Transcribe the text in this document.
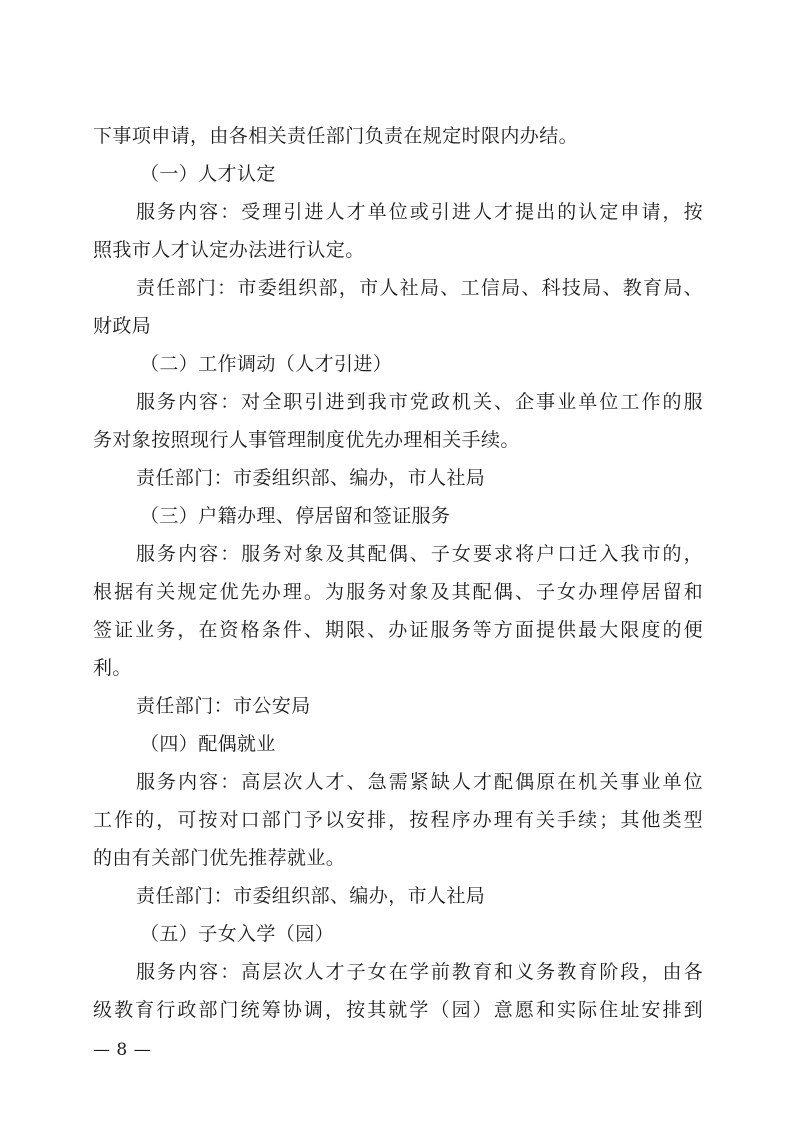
下事项申请，由各相关责任部门负责在规定时限内办结。
（一）人才认定
服务内容：受理引进人才单位或引进人才提出的认定申请，按
照我市人才认定办法进行认定。
责任部门：市委组织部，市人社局、工信局、科技局、教育局、
财政局
（二）工作调动（人才引进）
服务内容：对全职引进到我市党政机关、企事业单位工作的服
务对象按照现行人事管理制度优先办理相关手续。
责任部门：市委组织部、编办，市人社局
（三）户籍办理、停居留和签证服务
服务内容：服务对象及其配偶、子女要求将户口迁入我市的，
根据有关规定优先办理。为服务对象及其配偶、子女办理停居留和
签证业务，在资格条件、期限、办证服务等方面提供最大限度的便
利。
责任部门：市公安局
（四）配偶就业
服务内容：高层次人才、急需紧缺人才配偶原在机关事业单位
工作的，可按对口部门予以安排，按程序办理有关手续；其他类型
的由有关部门优先推荐就业。
责任部门：市委组织部、编办，市人社局
（五）子女入学（园）
服务内容：高层次人才子女在学前教育和义务教育阶段，由各
级教育行政部门统筹协调，按其就学（园）意愿和实际住址安排到
— 8 —
